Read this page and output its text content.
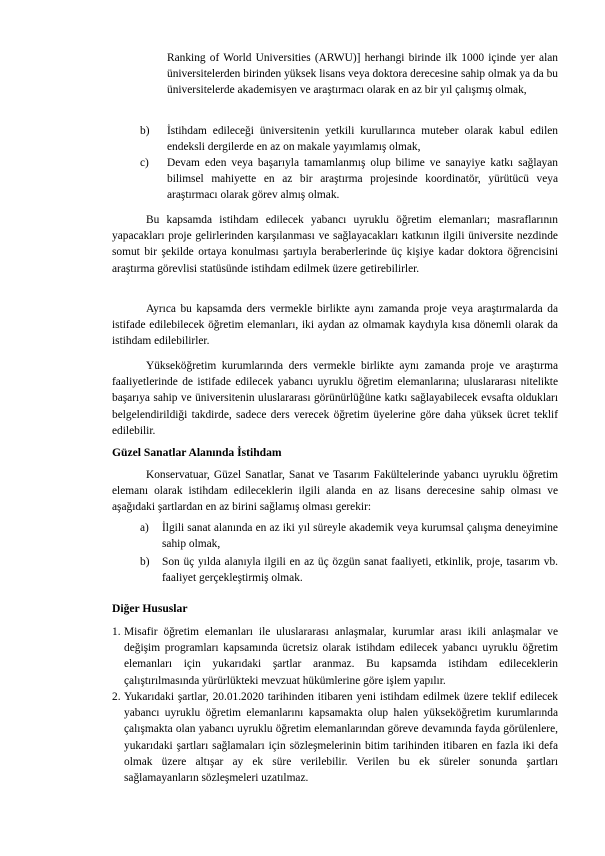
Ranking of World Universities (ARWU)] herhangi birinde ilk 1000 içinde yer alan üniversitelerden birinden yüksek lisans veya doktora derecesine sahip olmak ya da bu üniversitelerde akademisyen ve araştırmacı olarak en az bir yıl çalışmış olmak,
b) İstihdam edileceği üniversitenin yetkili kurullarınca muteber olarak kabul edilen endeksli dergilerde en az on makale yayımlamış olmak,
c) Devam eden veya başarıyla tamamlanmış olup bilime ve sanayiye katkı sağlayan bilimsel mahiyette en az bir araştırma projesinde koordinatör, yürütücü veya araştırmacı olarak görev almış olmak.
Bu kapsamda istihdam edilecek yabancı uyruklu öğretim elemanları; masraflarının yapacakları proje gelirlerinden karşılanması ve sağlayacakları katkının ilgili üniversite nezdinde somut bir şekilde ortaya konulması şartıyla beraberlerinde üç kişiye kadar doktora öğrencisini araştırma görevlisi statüsünde istihdam edilmek üzere getirebilirler.
Ayrıca bu kapsamda ders vermekle birlikte aynı zamanda proje veya araştırmalarda da istifade edilebilecek öğretim elemanları, iki aydan az olmamak kaydıyla kısa dönemli olarak da istihdam edilebilirler.
Yükseköğretim kurumlarında ders vermekle birlikte aynı zamanda proje ve araştırma faaliyetlerinde de istifade edilecek yabancı uyruklu öğretim elemanlarına; uluslararası nitelikte başarıya sahip ve üniversitenin uluslararası görünürlüğüne katkı sağlayabilecek evsafta oldukları belgelendirildiği takdirde, sadece ders verecek öğretim üyelerine göre daha yüksek ücret teklif edilebilir.
Güzel Sanatlar Alanında İstihdam
Konservatuar, Güzel Sanatlar, Sanat ve Tasarım Fakültelerinde yabancı uyruklu öğretim elemanı olarak istihdam edileceklerin ilgili alanda en az lisans derecesine sahip olması ve aşağıdaki şartlardan en az birini sağlamış olması gerekir:
a) İlgili sanat alanında en az iki yıl süreyle akademik veya kurumsal çalışma deneyimine sahip olmak,
b) Son üç yılda alanıyla ilgili en az üç özgün sanat faaliyeti, etkinlik, proje, tasarım vb. faaliyet gerçekleştirmiş olmak.
Diğer Hususlar
1. Misafir öğretim elemanları ile uluslararası anlaşmalar, kurumlar arası ikili anlaşmalar ve değişim programları kapsamında ücretsiz olarak istihdam edilecek yabancı uyruklu öğretim elemanları için yukarıdaki şartlar aranmaz. Bu kapsamda istihdam edileceklerin çalıştırılmasında yürürlükteki mevzuat hükümlerine göre işlem yapılır.
2. Yukarıdaki şartlar, 20.01.2020 tarihinden itibaren yeni istihdam edilmek üzere teklif edilecek yabancı uyruklu öğretim elemanlarını kapsamakta olup halen yükseköğretim kurumlarında çalışmakta olan yabancı uyruklu öğretim elemanlarından göreve devamında fayda görülenlere, yukarıdaki şartları sağlamaları için sözleşmelerinin bitim tarihinden itibaren en fazla iki defa olmak üzere altışar ay ek süre verilebilir. Verilen bu ek süreler sonunda şartları sağlamayanların sözleşmeleri uzatılmaz.
